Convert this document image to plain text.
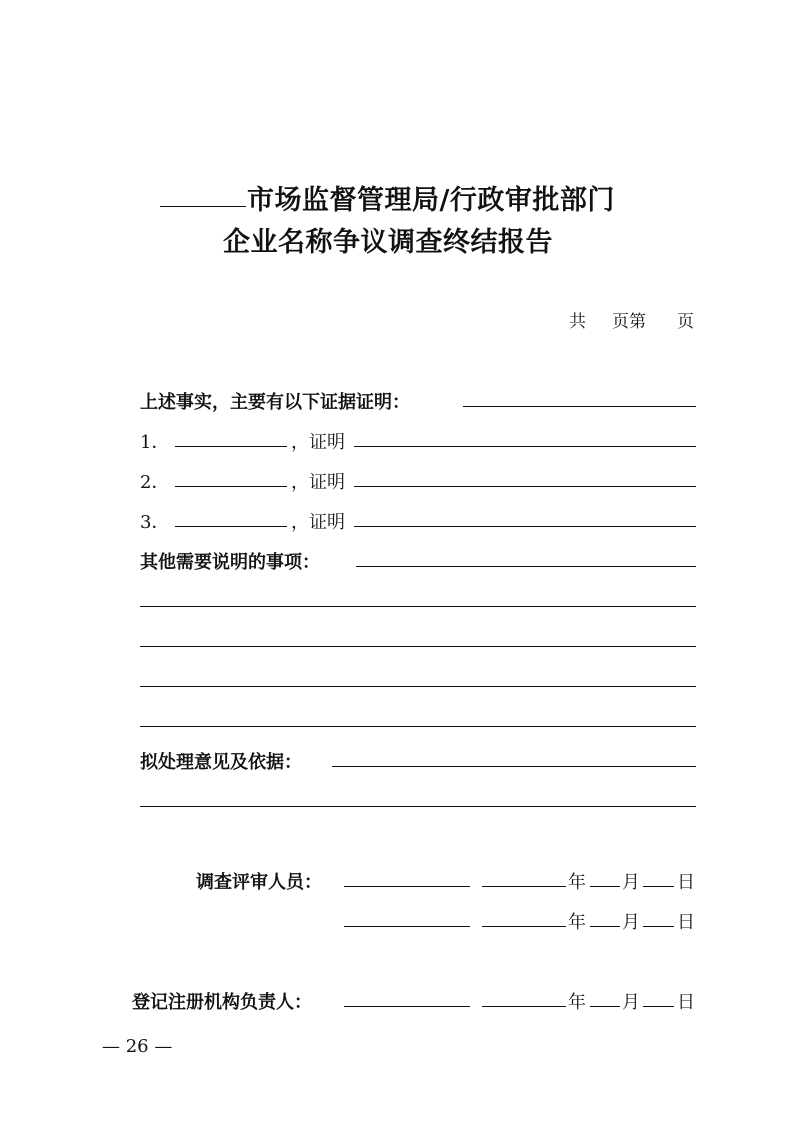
市场监督管理局/行政审批部门
企业名称争议调查终结报告
共 页第 页
上述事实，主要有以下证据证明：
1．	，证明
2．	，证明
3．	，证明
其他需要说明的事项：
拟处理意见及依据：
调查评审人员：	年 月 日
年 月 日
登记注册机构负责人：	年 月 日
— 26 —
